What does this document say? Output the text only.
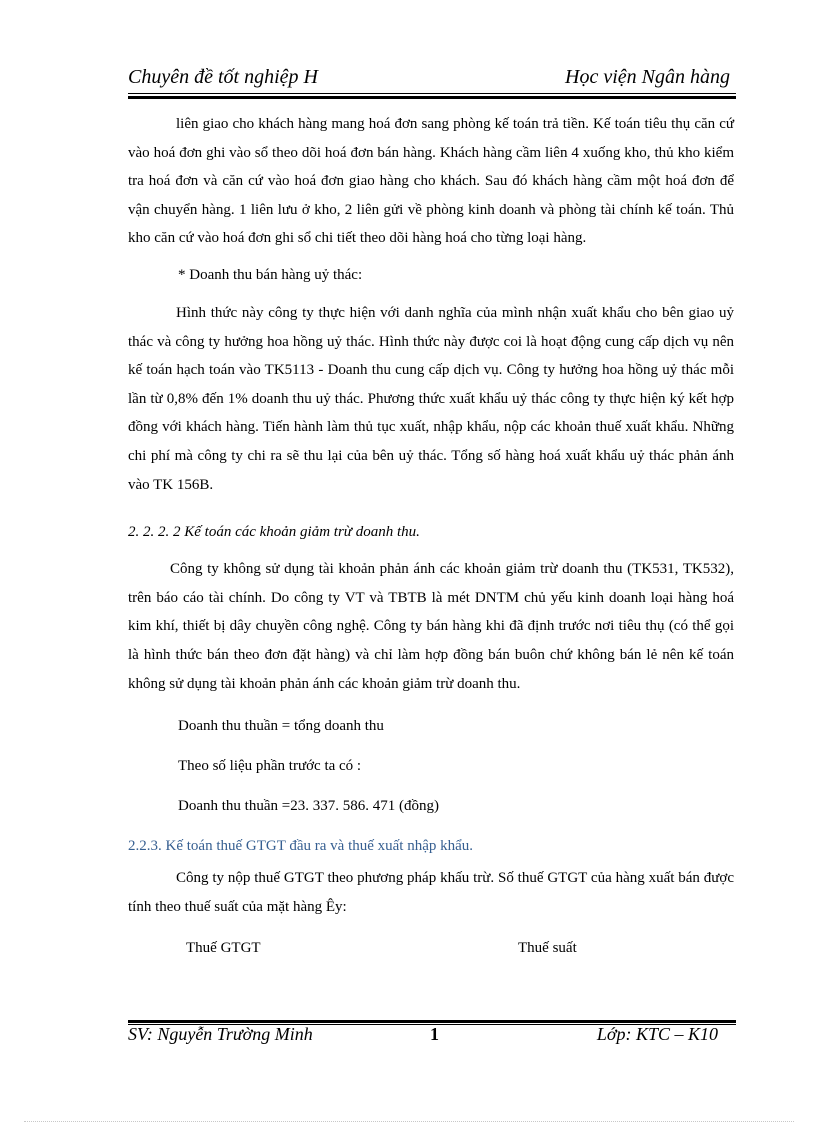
Chuyên đề tốt nghiệp H	Học viện Ngân hàng

liên giao cho khách hàng mang hoá đơn sang phòng kế toán trả tiền. Kế toán tiêu thụ căn cứ vào hoá đơn ghi vào sổ theo dõi hoá đơn bán hàng. Khách hàng cầm liên 4 xuống kho, thủ kho kiểm tra hoá đơn và căn cứ vào hoá đơn giao hàng cho khách. Sau đó khách hàng cầm một hoá đơn để vận chuyển hàng. 1 liên lưu ở kho, 2 liên gửi về phòng kinh doanh và phòng tài chính kế toán. Thủ kho căn cứ vào hoá đơn ghi sổ chi tiết theo dõi hàng hoá cho từng loại hàng.

* Doanh thu bán hàng uỷ thác:

Hình thức này công ty thực hiện với danh nghĩa của mình nhận xuất khẩu cho bên giao uỷ thác và công ty hưởng hoa hồng uỷ thác. Hình thức này được coi là hoạt động cung cấp dịch vụ nên kế toán hạch toán vào TK5113 - Doanh thu cung cấp dịch vụ. Công ty hưởng hoa hồng uỷ thác mỗi lần từ 0,8% đến 1% doanh thu uỷ thác. Phương thức xuất khẩu uỷ thác công ty thực hiện ký kết hợp đồng với khách hàng. Tiến hành làm thủ tục xuất, nhập khẩu, nộp các khoản thuế xuất khẩu. Những chi phí mà công ty chi ra sẽ thu lại của bên uỷ thác. Tổng số hàng hoá xuất khẩu uỷ thác phản ánh vào TK 156B.

2. 2. 2. 2 Kế toán các khoản giảm trừ doanh thu.

Công ty không sử dụng tài khoản phản ánh các khoản giảm trừ doanh thu (TK531, TK532), trên báo cáo tài chính. Do công ty VT và TBTB là mét DNTM chủ yếu kinh doanh loại hàng hoá kim khí, thiết bị dây chuyền công nghệ. Công ty bán hàng khi đã định trước nơi tiêu thụ (có thể gọi là hình thức bán theo đơn đặt hàng) và chỉ làm hợp đồng bán buôn chứ không bán lẻ nên kế toán không sử dụng tài khoản phản ánh các khoản giảm trừ doanh thu.

Doanh thu thuần = tổng doanh thu

Theo số liệu phần trước ta có :

Doanh thu thuần =23. 337. 586. 471 (đồng)

2.2.3. Kế toán thuế GTGT đầu ra và thuế xuất nhập khẩu.

Công ty nộp thuế GTGT theo phương pháp khấu trừ. Số thuế GTGT của hàng xuất bán được tính theo thuế suất của mặt hàng Êy:

Thuế GTGT	Thuế suất
SV: Nguyễn Trường Minh	1	Lớp: KTC – K10
